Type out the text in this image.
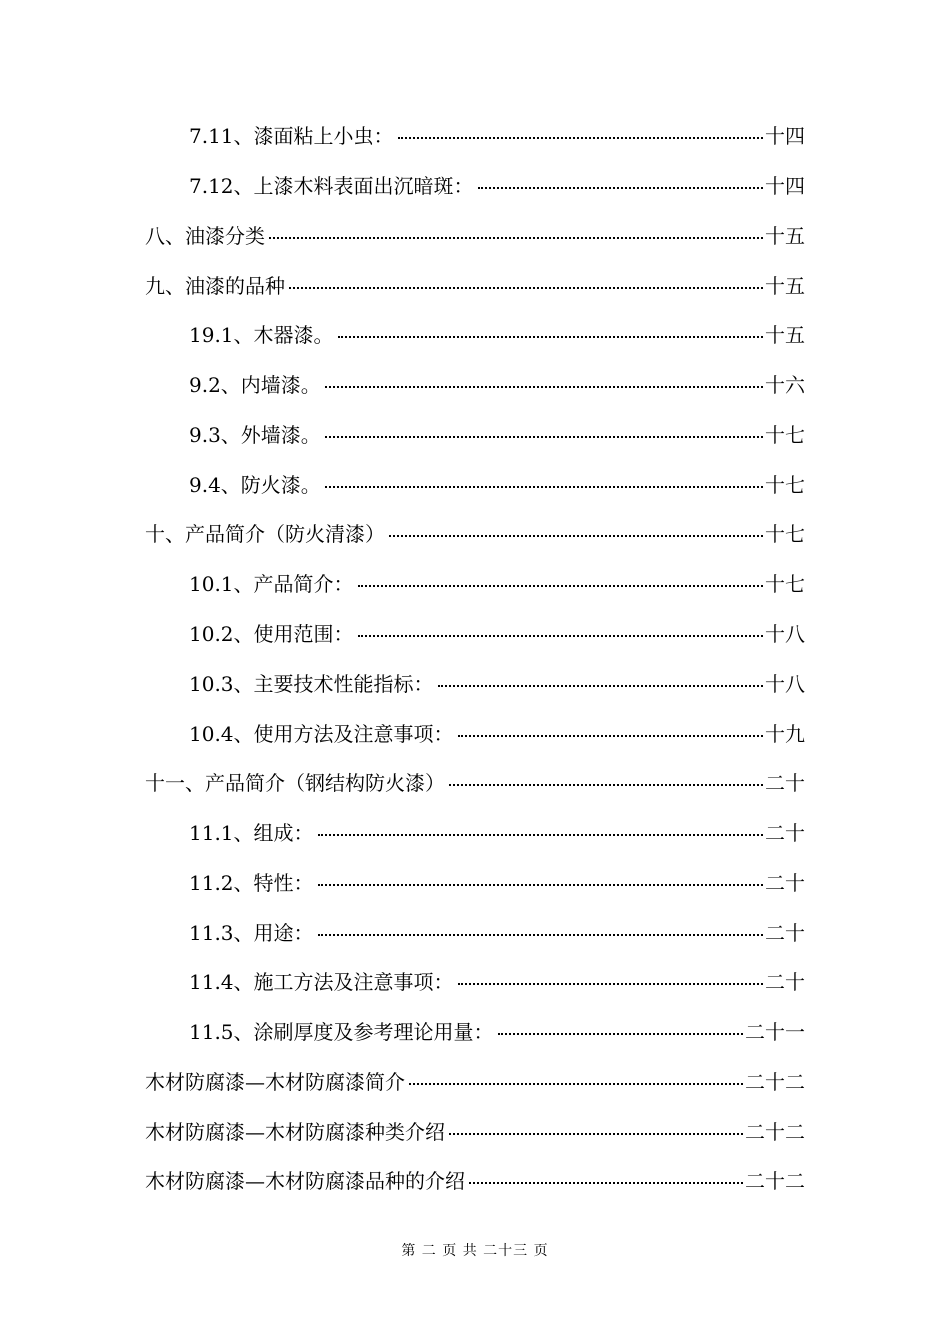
7.11、漆面粘上小虫：	十四
7.12、上漆木料表面出沉暗斑：	十四
八、油漆分类	十五
九、油漆的品种	十五
19.1、木器漆。	十五
9.2、内墙漆。	十六
9.3、外墙漆。	十七
9.4、防火漆。	十七
十、产品简介（防火清漆）	十七
10.1、产品简介：	十七
10.2、使用范围：	十八
10.3、主要技术性能指标：	十八
10.4、使用方法及注意事项：	十九
十一、产品简介（钢结构防火漆）	二十
11.1、组成：	二十
11.2、特性：	二十
11.3、用途：	二十
11.4、施工方法及注意事项：	二十
11.5、涂刷厚度及参考理论用量：	二十一
木材防腐漆—木材防腐漆简介	二十二
木材防腐漆—木材防腐漆种类介绍	二十二
木材防腐漆—木材防腐漆品种的介绍	二十二
第 二 页 共 二十三 页
